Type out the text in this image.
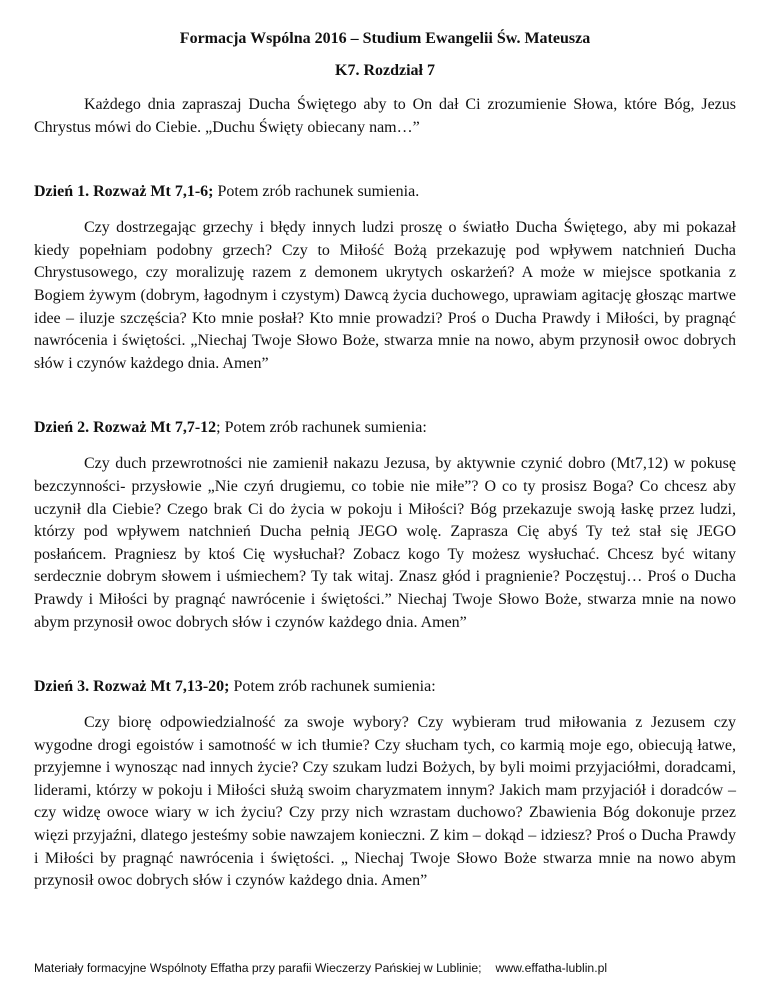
Formacja Wspólna 2016 – Studium Ewangelii Św. Mateusza

K7. Rozdział 7

Każdego dnia zapraszaj Ducha Świętego aby to On dał Ci zrozumienie Słowa, które Bóg, Jezus Chrystus mówi do Ciebie. „Duchu Święty obiecany nam…”

Dzień 1. Rozważ Mt 7,1-6; Potem zrób rachunek sumienia.

Czy dostrzegając grzechy i błędy innych ludzi proszę o światło Ducha Świętego, aby mi pokazał kiedy popełniam podobny grzech? Czy to Miłość Bożą przekazuję pod wpływem natchnień Ducha Chrystusowego, czy moralizuję razem z demonem ukrytych oskarżeń? A może w miejsce spotkania z Bogiem żywym (dobrym, łagodnym i czystym) Dawcą życia duchowego, uprawiam agitację głosząc martwe idee – iluzje szczęścia? Kto mnie posłał? Kto mnie prowadzi? Proś o Ducha Prawdy i Miłości, by pragnąć nawrócenia i świętości. „Niechaj Twoje Słowo Boże, stwarza mnie na nowo, abym przynosił owoc dobrych słów i czynów każdego dnia. Amen”

Dzień 2. Rozważ Mt 7,7-12; Potem zrób rachunek sumienia:

Czy duch przewrotności nie zamienił nakazu Jezusa, by aktywnie czynić dobro (Mt7,12) w pokusę bezczynności- przysłowie „Nie czyń drugiemu, co tobie nie miłe”? O co ty prosisz Boga? Co chcesz aby uczynił dla Ciebie? Czego brak Ci do życia w pokoju i Miłości? Bóg przekazuje swoją łaskę przez ludzi, którzy pod wpływem natchnień Ducha pełnią JEGO wolę. Zaprasza Cię abyś Ty też stał się JEGO posłańcem. Pragniesz by ktoś Cię wysłuchał? Zobacz kogo Ty możesz wysłuchać. Chcesz być witany serdecznie dobrym słowem i uśmiechem? Ty tak witaj. Znasz głód i pragnienie? Poczęstuj… Proś o Ducha Prawdy i Miłości by pragnąć nawrócenie i świętości.” Niechaj Twoje Słowo Boże, stwarza mnie na nowo abym przynosił owoc dobrych słów i czynów każdego dnia. Amen”

Dzień 3. Rozważ Mt 7,13-20; Potem zrób rachunek sumienia:

Czy biorę odpowiedzialność za swoje wybory? Czy wybieram trud miłowania z Jezusem czy wygodne drogi egoistów i samotność w ich tłumie? Czy słucham tych, co karmią moje ego, obiecują łatwe, przyjemne i wynosząc nad innych życie? Czy szukam ludzi Bożych, by byli moimi przyjaciółmi, doradcami, liderami, którzy w pokoju i Miłości służą swoim charyzmatem innym? Jakich mam przyjaciół i doradców – czy widzę owoce wiary w ich życiu? Czy przy nich wzrastam duchowo? Zbawienia Bóg dokonuje przez więzi przyjaźni, dlatego jesteśmy sobie nawzajem konieczni. Z kim – dokąd – idziesz? Proś o Ducha Prawdy i Miłości by pragnąć nawrócenia i świętości. „ Niechaj Twoje Słowo Boże stwarza mnie na nowo abym przynosił owoc dobrych słów i czynów każdego dnia. Amen”

Materiały formacyjne Wspólnoty Effatha przy parafii Wieczerzy Pańskiej w Lublinie; www.effatha-lublin.pl
